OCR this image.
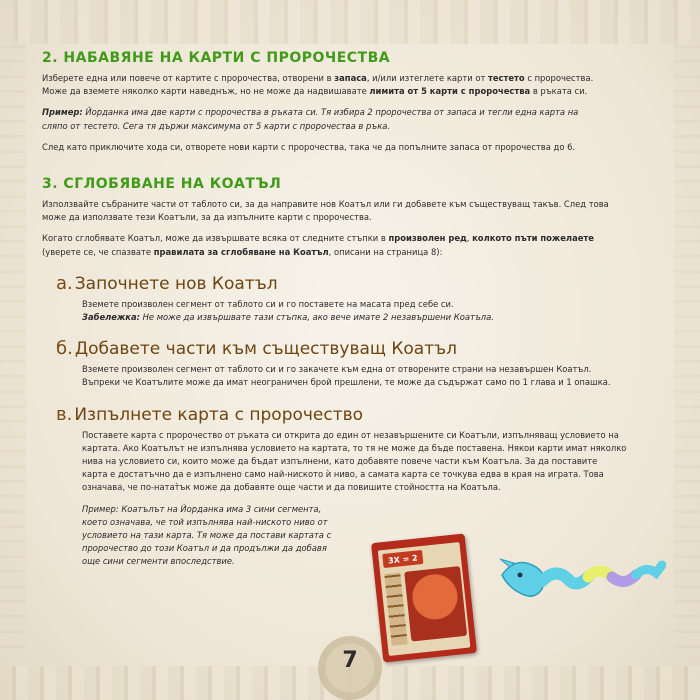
2. НАБАВЯНЕ НА КАРТИ С ПРОРОЧЕСТВА

Изберете една или повече от картите с пророчества, отворени в запаса, и/или изтеглете карти от тестето с пророчества.
Може да вземете няколко карти наведнъж, но не може да надвишавате лимита от 5 карти с пророчества в ръката си.

Пример: Йорданка има две карти с пророчества в ръката си. Тя избира 2 пророчества от запаса и тегли една карта на
сляпо от тестето. Сега тя държи максимума от 5 карти с пророчества в ръка.

След като приключите хода си, отворете нови карти с пророчества, така че да попълните запаса от пророчества до 6.

3. СГЛОБЯВАНЕ НА КОАТЪЛ

Използвайте събраните части от таблото си, за да направите нов Коатъл или ги добавете към съществуващ такъв. След това
може да използвате тези Коатъли, за да изпълните карти с пророчества.

Когато сглобявате Коатъл, може да извършвате всяка от следните стъпки в произволен ред, колкото пъти пожелаете
(уверете се, че спазвате правилата за сглобяване на Коатъл, описани на страница 8):

a. Започнете нов Коатъл

Вземете произволен сегмент от таблото си и го поставете на масата пред себе си.
Забележка: Не може да извършвате тази стъпка, ако вече имате 2 незавършени Коатъла.

б. Добавете части към съществуващ Коатъл

Вземете произволен сегмент от таблото си и го закачете към една от отворените страни на незавършен Коатъл.
Въпреки че Коатълите може да имат неограничен брой прешлени, те може да съдържат само по 1 глава и 1 опашка.

в. Изпълнете карта с пророчество

Поставете карта с пророчество от ръката си открита до един от незавършените си Коатъли, изпълняващ условието на
картата. Ако Коатълът не изпълнява условието на картата, то тя не може да бъде поставена. Някои карти имат няколко
нива на условието си, които може да бъдат изпълнени, като добавяте повече части към Коатъла. За да поставите
карта е достатъчно да е изпълнено само най-ниското ѝ ниво, а самата карта се точкува едва в края на играта. Това
означава, че по-натат̀ък може да добавяте още части и да повишите стойността на Коатъла.

Пример: Коатълът на Йорданка има 3 сини сегмента,
което означава, че той изпълнява най-ниското ниво от
условието на тази карта. Тя може да постави картата с
пророчество до този Коатъл и да продължи да добавя
още сини сегменти впоследствие.	3X = 2
7
